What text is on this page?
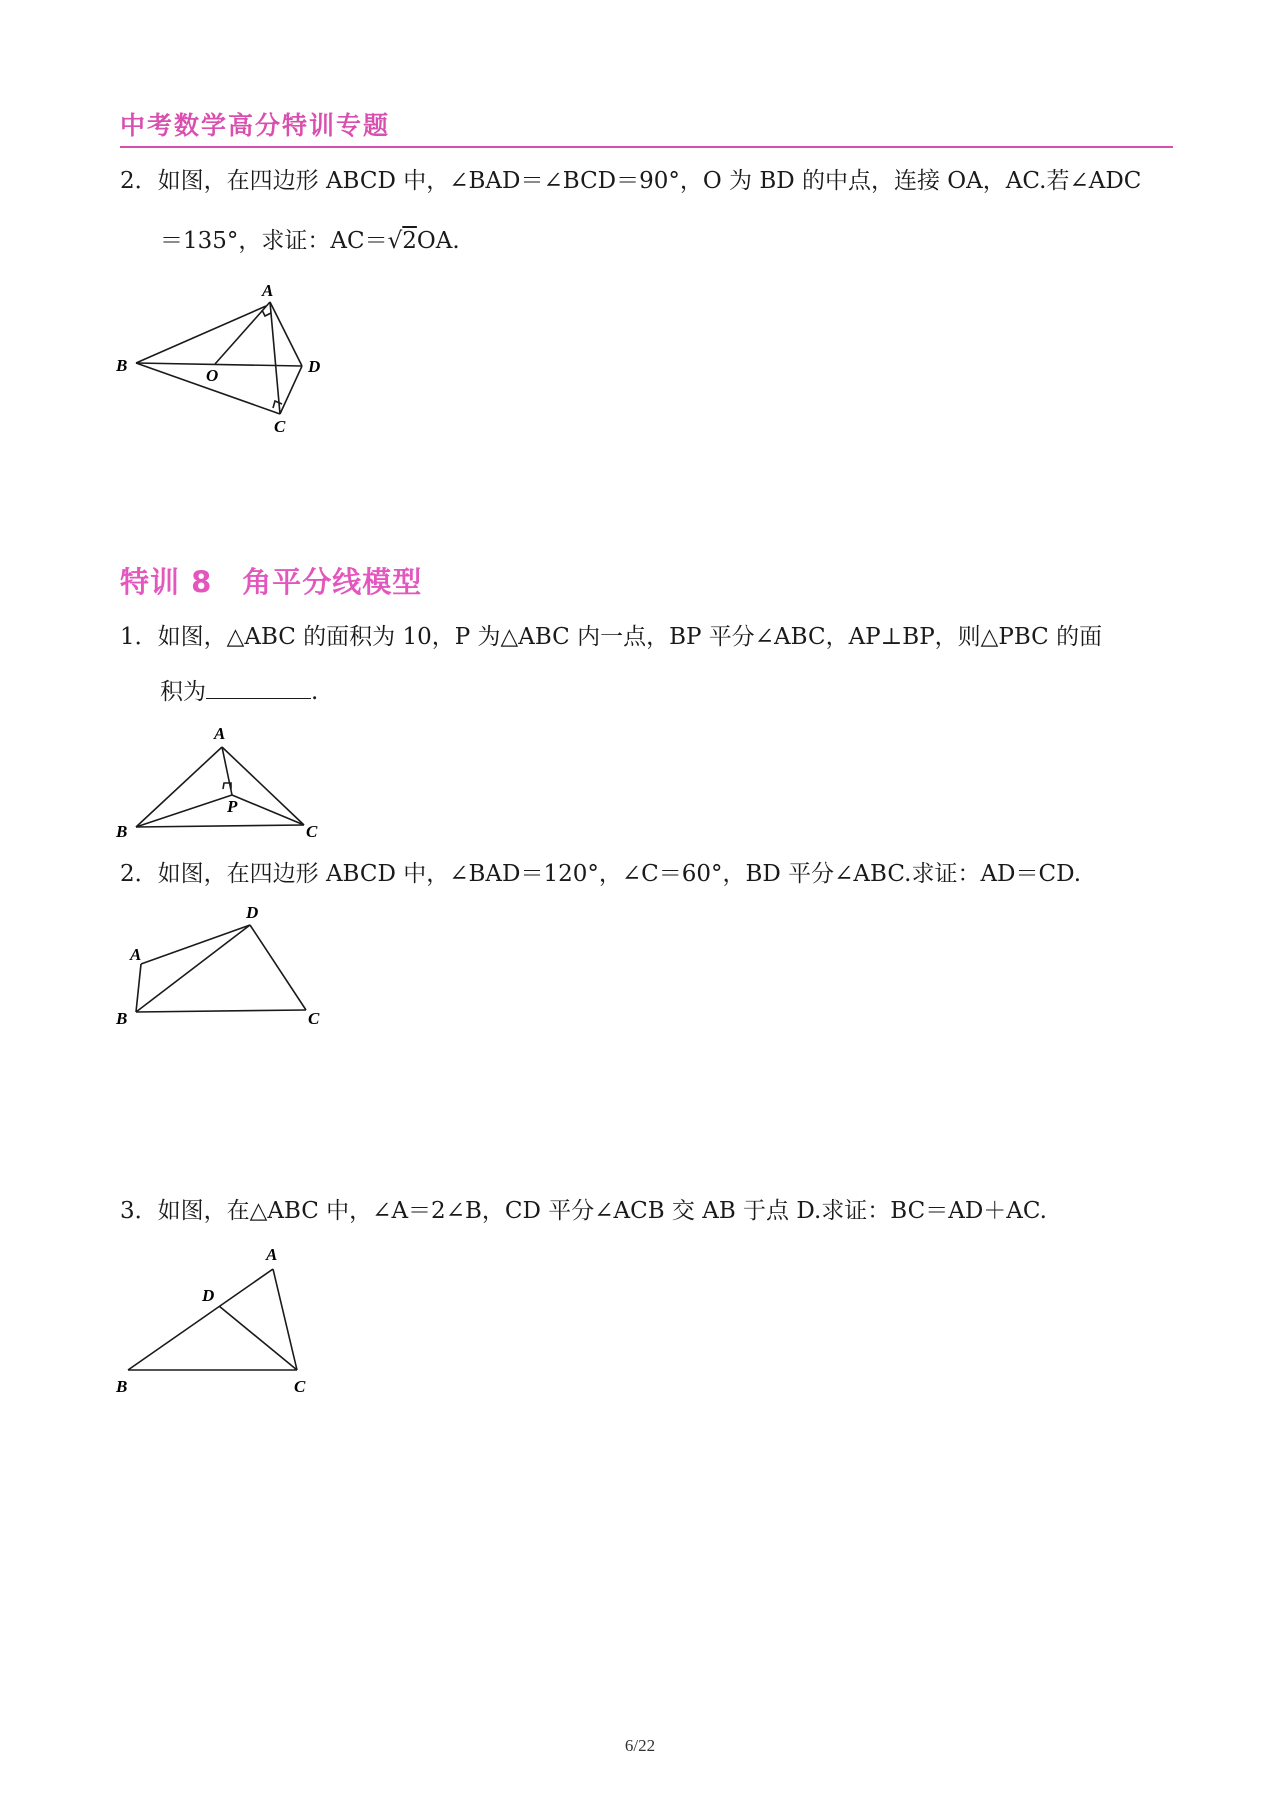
中考数学高分特训专题
2．如图，在四边形 ABCD 中，∠BAD＝∠BCD＝90°，O 为 BD 的中点，连接 OA，AC.若∠ADC
＝135°，求证：AC＝√2OA.
A
B	D
O
C
特训 8　角平分线模型
1．如图，△ABC 的面积为 10，P 为△ABC 内一点，BP 平分∠ABC，AP⊥BP，则△PBC 的面
积为	.
A
B	C
P
2．如图，在四边形 ABCD 中，∠BAD＝120°，∠C＝60°，BD 平分∠ABC.求证：AD＝CD.
D
A
B	C
3．如图，在△ABC 中，∠A＝2∠B，CD 平分∠ACB 交 AB 于点 D.求证：BC＝AD＋AC.
A
D
B	C
6/22
